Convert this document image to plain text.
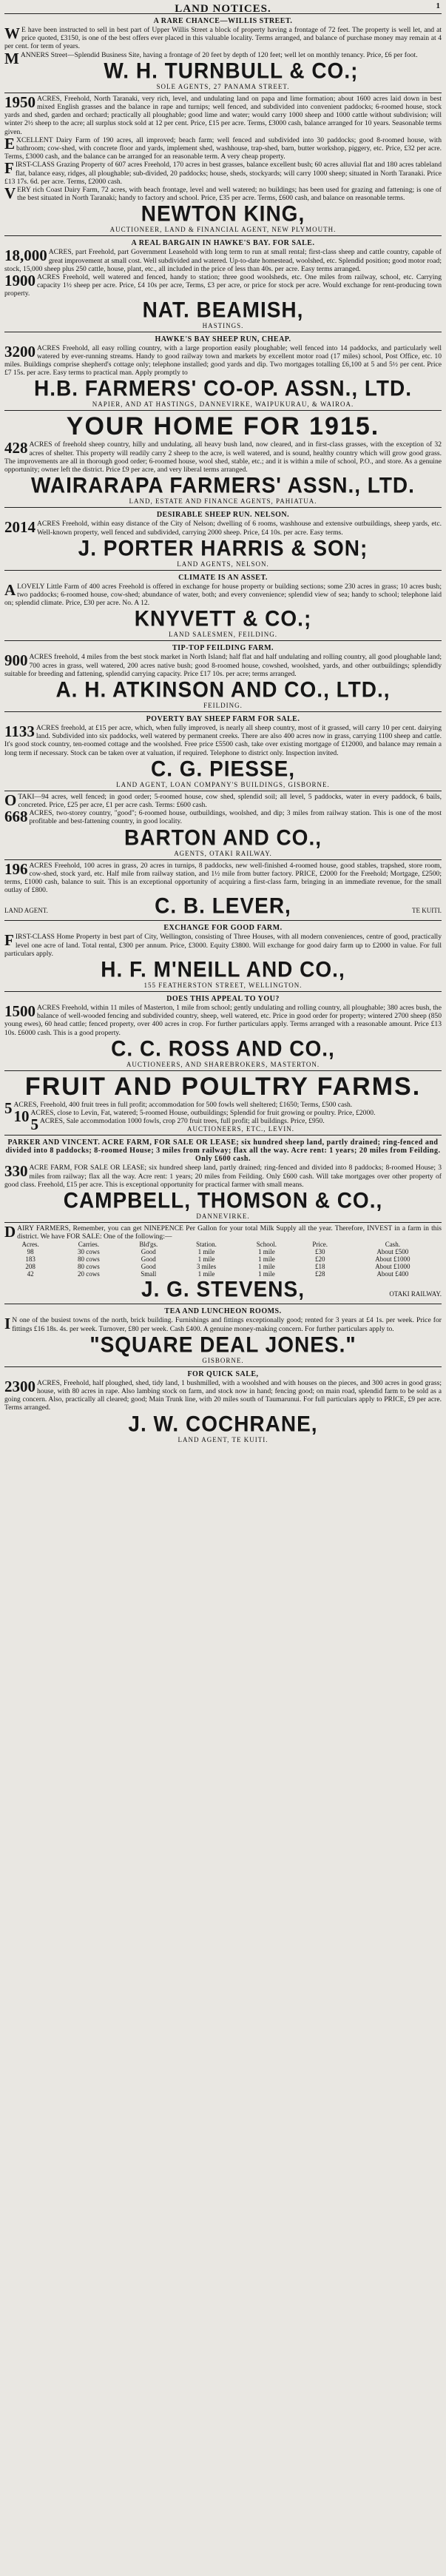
1
LAND NOTICES.
A RARE CHANCE—WILLIS STREET.

W E have been instructed to sell in best part of Upper Willis Street a block of property having a frontage of 72 feet. The property is well let, and at price quoted, £3150, is one of the best offers ever placed in this valuable locality. Terms arranged, and balance of purchase money may remain at 4 per cent. for term of years.

MANNERS Street—Splendid Business Site, having a frontage of 20 feet by depth of 120 feet; well let on monthly tenancy. Price, £6 per foot.

W. H. TURNBULL & CO.;
SOLE AGENTS, 27 PANAMA STREET.

1950 ACRES, Freehold, North Taranaki, very rich, level, and undulating land on papa and lime formation; about 1600 acres laid down in best mixed English grasses and the balance in rape and turnips; well fenced, and subdivided into convenient paddocks; 6-roomed house, stock yards and shed, garden and orchard; practically all ploughable; good lime and water; would carry 1000 sheep and 1000 cattle without subdivision; will winter 2½ sheep to the acre; all surplus stock sold at 12 per cent. Price, £15 per acre. Terms, £3000 cash, balance arranged for 10 years. Seasonable terms given.

EXCELLENT Dairy Farm of 190 acres, all improved; beach farm; well fenced and subdivided into 30 paddocks; good 8-roomed house, with bathroom; cow-shed, with concrete floor and yards, implement shed, washhouse, trap-shed, barn, butter workshop, piggery, etc. Price, £32 per acre. Terms, £3000 cash, and the balance can be arranged for an reasonable term. A very cheap property.

FIRST-CLASS Grazing Property of 607 acres Freehold, 170 acres in best grasses, balance excellent bush; 60 acres alluvial flat and 180 acres tableland flat, balance easy, ridges, all ploughable; sub-divided, 20 paddocks; house, sheds, stockyards; will carry 1000 sheep; situated in North Taranaki. Price £13 17s. 6d. per acre. Terms, £2000 cash.

VERY rich Coast Dairy Farm, 72 acres, with beach frontage, level and well watered; no buildings; has been used for grazing and fattening; is one of the best situated in North Taranaki; handy to factory and school. Price, £35 per acre. Terms, £600 cash, and balance on reasonable terms.

NEWTON KING,
AUCTIONEER, LAND & FINANCIAL AGENT, NEW PLYMOUTH.
A REAL BARGAIN IN HAWKE'S BAY. FOR SALE.

18,000 ACRES, part Freehold, part Government Leasehold with long term to run at small rental; first-class sheep and cattle country, capable of great improvement at small cost. Well subdivided and watered. Up-to-date homestead, woolshed, etc. Splendid position; good motor road; stock, 15,000 sheep plus 250 cattle, house, plant, etc., all included in the price of less than 40s. per acre. Easy terms arranged.

1900 ACRES Freehold, well watered and fenced, handy to station; three good woolsheds, etc. One miles from railway, school, etc. Carrying capacity 1½ sheep per acre. Price, £4 10s per acre, Terms, £3 per acre, or price for stock per acre. Would exchange for rent-producing town property.

NAT. BEAMISH,
HASTINGS.
HAWKE'S BAY SHEEP RUN, CHEAP.

3200 ACRES Freehold, all easy rolling country, with a large proportion easily ploughable; well fenced into 14 paddocks, and particularly well watered by ever-running streams. Handy to good railway town and markets by excellent motor road (17 miles) school, Post Office, etc. 10 miles. Buildings comprise shepherd's cottage only; telephone installed; good yards and dip. Two mortgages totalling £6,100 at 5 and 5½ per cent. Price £7 15s. per acre. Easy terms to practical man. Apply promptly to

H.B. FARMERS' CO-OP. ASSN., LTD.
NAPIER, AND AT HASTINGS, DANNEVIRKE, WAIPUKURAU, & WAIROA.
YOUR HOME FOR 1915.

428 ACRES of freehold sheep country, hilly and undulating, all heavy bush land, now cleared, and in first-class grasses, with the exception of 32 acres of shelter. This property will readily carry 2 sheep to the acre, is well watered, and is sound, healthy country which will grow good grass. The improvements are all in thorough good order; 6-roomed house, wool shed, stable, etc.; and it is within a mile of school, P.O., and store. As a genuine opportunity; owner left the district. Price £9 per acre, and very liberal terms arranged.

WAIRARAPA FARMERS' ASSN., LTD.
LAND, ESTATE AND FINANCE AGENTS, PAHIATUA.
DESIRABLE SHEEP RUN. NELSON.

2014 ACRES Freehold, within easy distance of the City of Nelson; dwelling of 6 rooms, washhouse and extensive outbuildings, sheep yards, etc. Well-known property, well fenced and subdivided, carrying 2000 sheep. Price, £4 10s. per acre. Easy terms.

J. PORTER HARRIS & SON;
LAND AGENTS, NELSON.
CLIMATE IS AN ASSET.

ALOVELY Little Farm of 400 acres Freehold is offered in exchange for house property or building sections; some 230 acres in grass; 10 acres bush; two paddocks; 6-roomed house, cow-shed; abundance of water, both; and every convenience; splendid view of sea; handy to school; telephone laid on; splendid climate. Price, £30 per acre. No. A 12.

KNYVETT & CO.;
LAND SALESMEN, FEILDING.
TIP-TOP FEILDING FARM.

900 ACRES freehold, 4 miles from the best stock market in North Island; half flat and half undulating and rolling country, all good ploughable land; 700 acres in grass, well watered, 200 acres native bush; good 8-roomed house, cowshed, woolshed, yards, and other outbuildings; splendidly suitable for breeding and fattening, splendid carrying capacity. Price £17 10s. per acre; terms arranged.

A. H. ATKINSON AND CO., LTD.,
FEILDING.
POVERTY BAY SHEEP FARM FOR SALE.

1133 ACRES freehold, at £15 per acre, which, when fully improved, is nearly all sheep country, most of it grassed, will carry 10 per cent. dairying land. Subdivided into six paddocks, well watered by permanent creeks. There are also 400 acres now in grass, carrying 1100 sheep and cattle. It's good stock country, ten-roomed cottage and the woolshed. Free price £5500 cash, take over existing mortgage of £12000, and balance may remain a long term if necessary. Stock can be taken over at valuation, if required. Telephone to district only. Inspection invited.

C. G. PIESSE,
LAND AGENT, LOAN COMPANY'S BUILDINGS, GISBORNE.

OTAKI—94 acres, well fenced; in good order; 5-roomed house, cow shed, splendid soil; all level, 5 paddocks, water in every paddock, 6 bails, concreted. Price, £25 per acre, £1 per acre cash. Terms: £600 cash.

668 ACRES, two-storey country, "good"; 6-roomed house, outbuildings, woolshed, and dip; 3 miles from railway station. This is one of the most profitable and best-fattening country, in good locality.

BARTON AND CO.,
AGENTS, OTAKI RAILWAY.

196 ACRES Freehold, 100 acres in grass, 20 acres in turnips, 8 paddocks, new well-finished 4-roomed house, good stables, trapshed, store room, cow-shed, stock yard, etc. Half mile from railway station, and 1½ mile from butter factory. PRICE, £2000 for the Freehold; Mortgage, £2500; terms, £1000 cash, balance to suit. This is an exceptional opportunity of acquiring a first-class farm, bringing in an immediate revenue, for the small outlay of £800.

LAND AGENT.	C. B. LEVER,	TE KUITI.
EXCHANGE FOR GOOD FARM.

FIRST-CLASS Home Property in best part of City, Wellington, consisting of Three Houses, with all modern conveniences, centre of good, practically level one acre of land. Total rental, £300 per annum. Price, £3000. Equity £3800. Will exchange for good dairy farm up to £2000 in value. For full particulars apply.

H. F. M'NEILL AND CO.,
155 FEATHERSTON STREET, WELLINGTON.
DOES THIS APPEAL TO YOU?

1500 ACRES Freehold, within 11 miles of Masterton, 1 mile from school; gently undulating and rolling country, all ploughable; 380 acres bush, the balance of well-wooded fencing and subdivided country, sheep, well watered, etc. Price in good order for property; wintered 2700 sheep (850 young ewes), 60 head cattle; fenced property, over 400 acres in crop. For further particulars apply. Terms arranged with a reasonable amount. Price £13 10s. £6000 cash. This is a good property.

C. C. ROSS AND CO.,
AUCTIONEERS, AND SHAREBROKERS, MASTERTON.
FRUIT AND POULTRY FARMS.

5 ACRES, Freehold, 400 fruit trees in full profit; accommodation for 500 fowls well sheltered; £1650; Terms, £500 cash.

10 ACRES, close to Levin, Fat, watered; 5-roomed House, outbuildings; Splendid for fruit growing or poultry. Price, £2000.

5 ACRES, Sale accommodation 1000 fowls, crop 270 fruit trees, full profit; all buildings. Price, £950.

AUCTIONEERS, ETC., LEVIN.
PARKER AND VINCENT. ACRE FARM, FOR SALE OR LEASE; six hundred sheep land, partly drained; ring-fenced and divided into 8 paddocks; 8-roomed House; 3 miles from railway; flax all the way. Acre rent: 1 years; 20 miles from Feilding. Only £600 cash.

330 ACRE FARM, FOR SALE OR LEASE; six hundred sheep land, partly drained; ring-fenced and divided into 8 paddocks; 8-roomed House; 3 miles from railway; flax all the way. Acre rent: 1 years; 20 miles from Feilding. Only £600 cash. Will take mortgages over other property of good class. Freehold, £15 per acre. This is exceptional opportunity for practical farmer with small means.

CAMPBELL, THOMSON & CO.,
DANNEVIRKE.

DAIRY FARMERS, Remember, you can get NINEPENCE Per Gallon for your total Milk Supply all the year. Therefore, INVEST in a farm in this district. We have FOR SALE: One of the following:—

Acres.	Carries.	Bld'gs.	Station.	School.	Price.	Cash.
98	30 cows	Good	1 mile	1 mile	£30	About £500
183	80 cows	Good	1 mile	1 mile	£20	About £1000
208	80 cows	Good	3 miles	1 mile	£18	About £1000
42	20 cows	Small	1 mile	1 mile	£28	About £400
J. G. STEVENS,	OTAKI RAILWAY.
TEA AND LUNCHEON ROOMS.

I N one of the busiest towns of the north, brick building. Furnishings and fittings exceptionally good; rented for 3 years at £4 1s. per week. Price for fittings £16 18s. 4s. per week. Turnover, £80 per week. Cash £400. A genuine money-making concern. For further particulars apply to.

"SQUARE DEAL JONES."
GISBORNE.
FOR QUICK SALE,

2300 ACRES, Freehold, half ploughed, shed, tidy land, 1 bushmilled, with a woolshed and with houses on the pieces, and 300 acres in good grass; house, with 80 acres in rape. Also lambing stock on farm, and stock now in hand; fencing good; on main road, splendid farm to be sold as a going concern. Also, practically all cleared; good; Main Trunk line, with 20 miles south of Taumarunui. For full particulars apply to PRICE, £9 per acre. Terms arranged.

J. W. COCHRANE,
LAND AGENT, TE KUITI.
